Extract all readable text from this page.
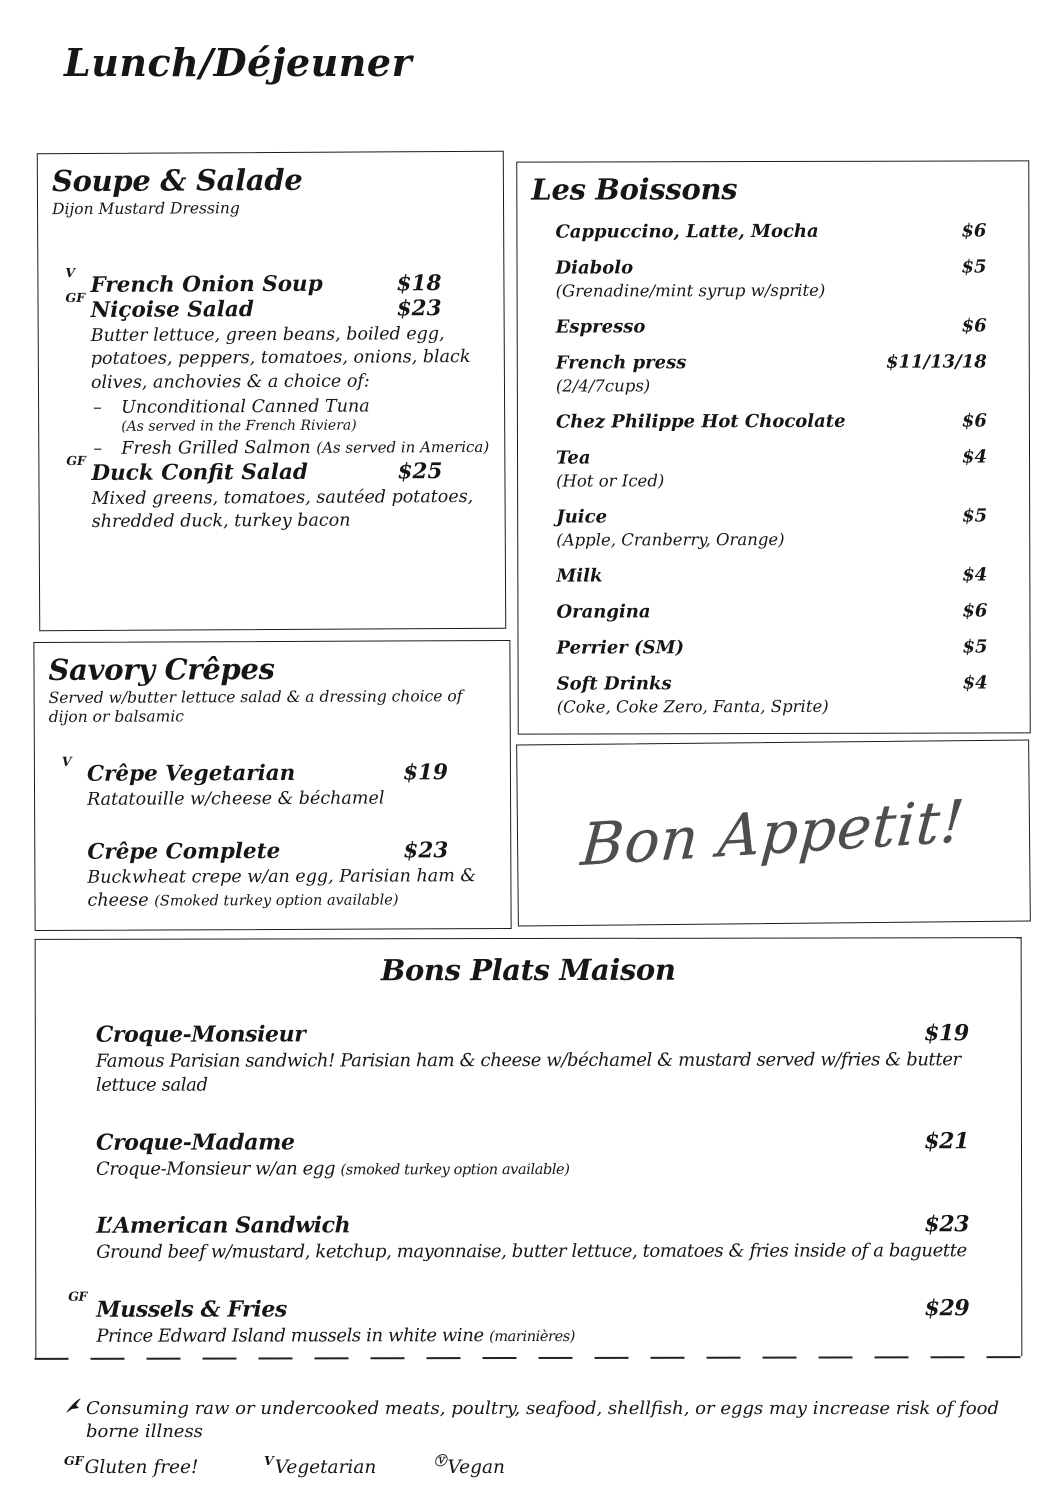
Lunch/Déjeuner
Soupe & Salade
Dijon Mustard Dressing
V French Onion Soup	$18
GF Niçoise Salad	$23
Butter lettuce, green beans, boiled egg, potatoes, peppers, tomatoes, onions, black olives, anchovies & a choice of:
–	Unconditional Canned Tuna
(As served in the French Riviera)
–	Fresh Grilled Salmon (As served in America)
GF Duck Confit Salad	$25
Mixed greens, tomatoes, sautéed potatoes, shredded duck, turkey bacon
Les Boissons
Cappuccino, Latte, Mocha	$6
Diabolo	$5
(Grenadine/mint syrup w/sprite)
Espresso	$6
French press	$11/13/18
(2/4/7cups)
Chez Philippe Hot Chocolate	$6
Tea	$4
(Hot or Iced)
Juice	$5
(Apple, Cranberry, Orange)
Milk	$4
Orangina	$6
Perrier (SM)	$5
Soft Drinks	$4
(Coke, Coke Zero, Fanta, Sprite)
Savory Crêpes
Served w/butter lettuce salad & a dressing choice of dijon or balsamic
V Crêpe Vegetarian	$19
Ratatouille w/cheese & béchamel
Crêpe Complete	$23
Buckwheat crepe w/an egg, Parisian ham & cheese (Smoked turkey option available)
Bon Appetit!
Bons Plats Maison
Croque-Monsieur	$19
Famous Parisian sandwich! Parisian ham & cheese w/béchamel & mustard served w/fries & butter lettuce salad
Croque-Madame	$21
Croque-Monsieur w/an egg (smoked turkey option available)
L’American Sandwich	$23
Ground beef w/mustard, ketchup, mayonnaise, butter lettuce, tomatoes & fries inside of a baguette
GF
Mussels & Fries	$29
Prince Edward Island mussels in white wine (marinières)
Consuming raw or undercooked meats, poultry, seafood, shellfish, or eggs may increase risk of food borne illness
$^{GF}$Gluten free!	$^V$Vegetarian	ⓋVegan
